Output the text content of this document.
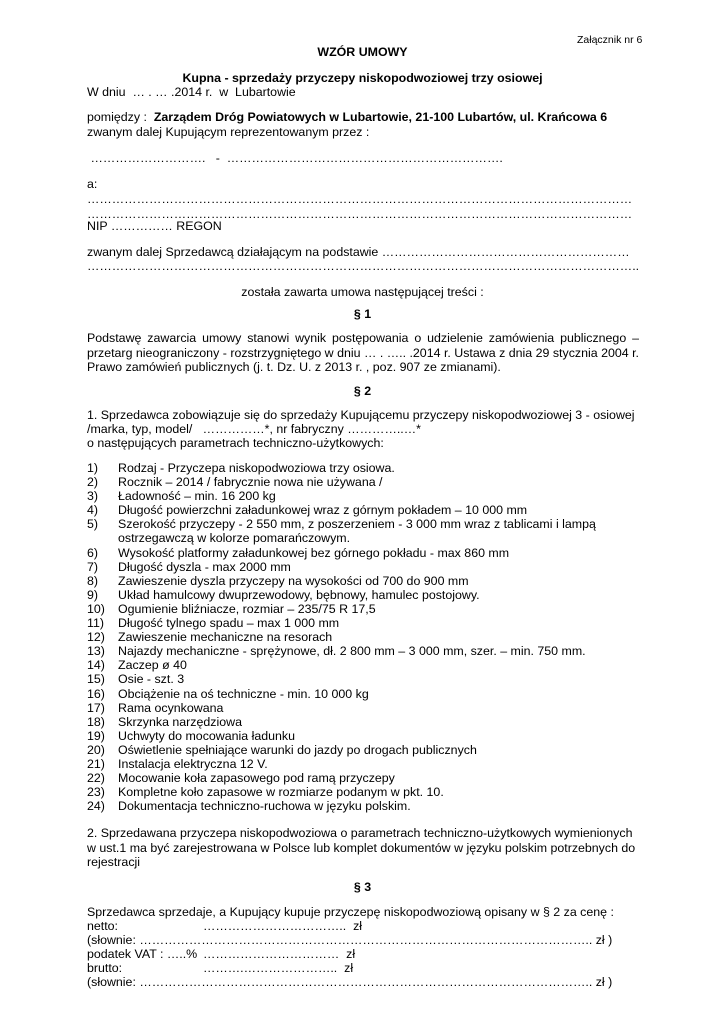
Załącznik nr 6
WZÓR UMOWY
Kupna - sprzedaży przyczepy niskopodwoziowej trzy osiowej
W dniu  … . … .2014 r.  w  Lubartowie
pomiędzy : Zarządem Dróg Powiatowych w Lubartowie, 21-100 Lubartów, ul. Krańcowa 6
zwanym dalej Kupującym reprezentowanym przez :
……………………….   -  ………………………………………………………….
a:
……………………………………………………………………………………………………………………
……………………………………………………………………………………………………………………
NIP …………… REGON
zwanym dalej Sprzedawcą działającym na podstawie ……………………………………………………
……………………………………………………………………………………………………………………..
została zawarta umowa następującej treści :
§ 1
Podstawę zawarcia umowy stanowi wynik postępowania o udzielenie zamówienia publicznego – przetarg nieograniczony - rozstrzygniętego w dniu … . ….. .2014 r. Ustawa z dnia 29 stycznia 2004 r. Prawo zamówień publicznych (j. t. Dz. U. z 2013 r. , poz. 907 ze zmianami).
§ 2
1. Sprzedawca zobowiązuje się do sprzedaży Kupującemu przyczepy niskopodwoziowej 3 - osiowej
/marka, typ, model/   ……………*, nr fabryczny …………..…*
o następujących parametrach techniczno-użytkowych:
1) Rodzaj - Przyczepa niskopodwoziowa trzy osiowa.
2) Rocznik – 2014 / fabrycznie nowa nie używana /
3) Ładowność – min. 16 200 kg
4) Długość powierzchni załadunkowej wraz z górnym pokładem – 10 000 mm
5) Szerokość przyczepy - 2 550 mm, z poszerzeniem - 3 000 mm wraz z tablicami i lampą ostrzegawczą w kolorze pomarańczowym.
6) Wysokość platformy załadunkowej bez górnego pokładu - max 860 mm
7) Długość dyszla - max 2000 mm
8) Zawieszenie dyszla przyczepy na wysokości od 700 do 900 mm
9) Układ hamulcowy dwuprzewodowy, bębnowy, hamulec postojowy.
10) Ogumienie bliźniacze, rozmiar – 235/75 R 17,5
11) Długość tylnego spadu – max 1 000 mm
12) Zawieszenie mechaniczne na resorach
13) Najazdy mechaniczne - sprężynowe, dł. 2 800 mm – 3 000 mm, szer. – min. 750 mm.
14) Zaczep ø 40
15) Osie - szt. 3
16) Obciążenie na oś techniczne - min. 10 000 kg
17) Rama ocynkowana
18) Skrzynka narzędziowa
19) Uchwyty do mocowania ładunku
20) Oświetlenie spełniające warunki do jazdy po drogach publicznych
21) Instalacja elektryczna 12 V.
22) Mocowanie koła zapasowego pod ramą przyczepy
23) Kompletne koło zapasowe w rozmiarze podanym w pkt. 10.
24) Dokumentacja techniczno-ruchowa w języku polskim.
2. Sprzedawana przyczepa niskopodwoziowa o parametrach techniczno-użytkowych wymienionych w ust.1 ma być zarejestrowana w Polsce lub komplet dokumentów w języku polskim potrzebnych do rejestracji
§ 3
Sprzedawca sprzedaje, a Kupujący kupuje przyczepę niskopodwoziową opisany w § 2 za cenę :
netto:	……………………………..  zł
(słownie: ……………………………………………………………………………………………….. zł )
podatek VAT : …..% ……………………………  zł
brutto:	……….…………………..  zł
(słownie: ……………………………………………………………………………………………….. zł )
